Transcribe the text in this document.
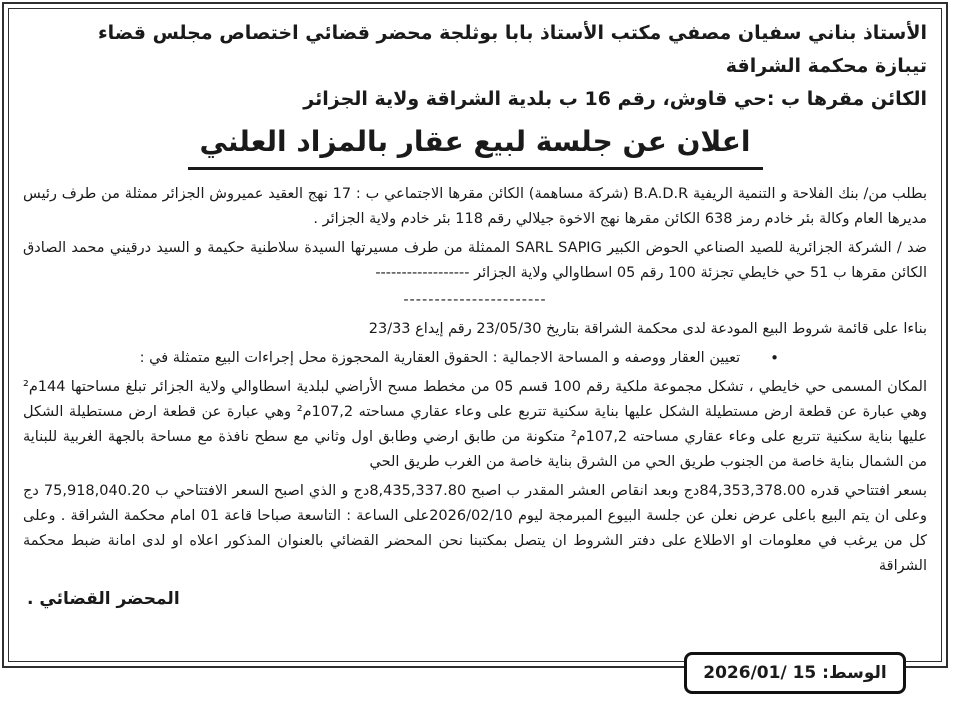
الأستاذ بناني سفيان مصفي مكتب الأستاذ بابا بوثلجة محضر قضائي اختصاص مجلس قضاء
تيبازة محكمة الشراقة
الكائن مقرها ب :حي قاوش، رقم 16 ب بلدية الشراقة ولاية الجزائر
اعلان عن جلسة لبيع عقار بالمزاد العلني

بطلب من/ بنك الفلاحة و التنمية الريفية B.A.D.R (شركة مساهمة) الكائن مقرها الاجتماعي ب : 17 نهج العقيد عميروش الجزائر ممثلة من طرف رئيس مديرها العام وكالة بئر خادم رمز 638 الكائن مقرها نهج الاخوة جيلالي رقم 118 بئر خادم ولاية الجزائر .

ضد / الشركة الجزائرية للصيد الصناعي الحوض الكبير SARL SAPIG الممثلة من طرف مسيرتها السيدة سلاطنية حكيمة و السيد درقيني محمد الصادق الكائن مقرها ب 51 حي خايطي تجزئة 100 رقم 05 اسطاوالي ولاية الجزائر ------------------

-----------------------

بناءا على قائمة شروط البيع المودعة لدى محكمة الشراقة بتاريخ 23/05/30 رقم إيداع 23/33

•
تعيين العقار ووصفه و المساحة الاجمالية : الحقوق العقارية المحجوزة محل إجراءات البيع متمثلة في :

المكان المسمى حي خايطي ، تشكل مجموعة ملكية رقم 100 قسم 05 من مخطط مسح الأراضي لبلدية اسطاوالي ولاية الجزائر تبلغ مساحتها 144م² وهي عبارة عن قطعة ارض مستطيلة الشكل عليها بناية سكنية تتربع على وعاء عقاري مساحته 107,2م² وهي عبارة عن قطعة ارض مستطيلة الشكل عليها بناية سكنية تتربع على وعاء عقاري مساحته 107,2م² متكونة من طابق ارضي وطابق اول وثاني مع سطح نافذة مع مساحة بالجهة الغربية للبناية من الشمال بناية خاصة من الجنوب طريق الحي من الشرق بناية خاصة من الغرب طريق الحي

بسعر افتتاحي قدره 84,353,378.00دج وبعد انقاص العشر المقدر ب اصبح 8,435,337.80دج و الذي اصبح السعر الافتتاحي ب 75,918,040.20 دج وعلى ان يتم البيع باعلى عرض نعلن عن جلسة البيوع المبرمجة ليوم 2026/02/10على الساعة : التاسعة صباحا قاعة 01 امام محكمة الشراقة . وعلى كل من يرغب في معلومات او الاطلاع على دفتر الشروط ان يتصل بمكتبنا نحن المحضر القضائي بالعنوان المذكور اعلاه او لدى امانة ضبط محكمة الشراقة

المحضر القضائي .
الوسط: 15 /2026/01
